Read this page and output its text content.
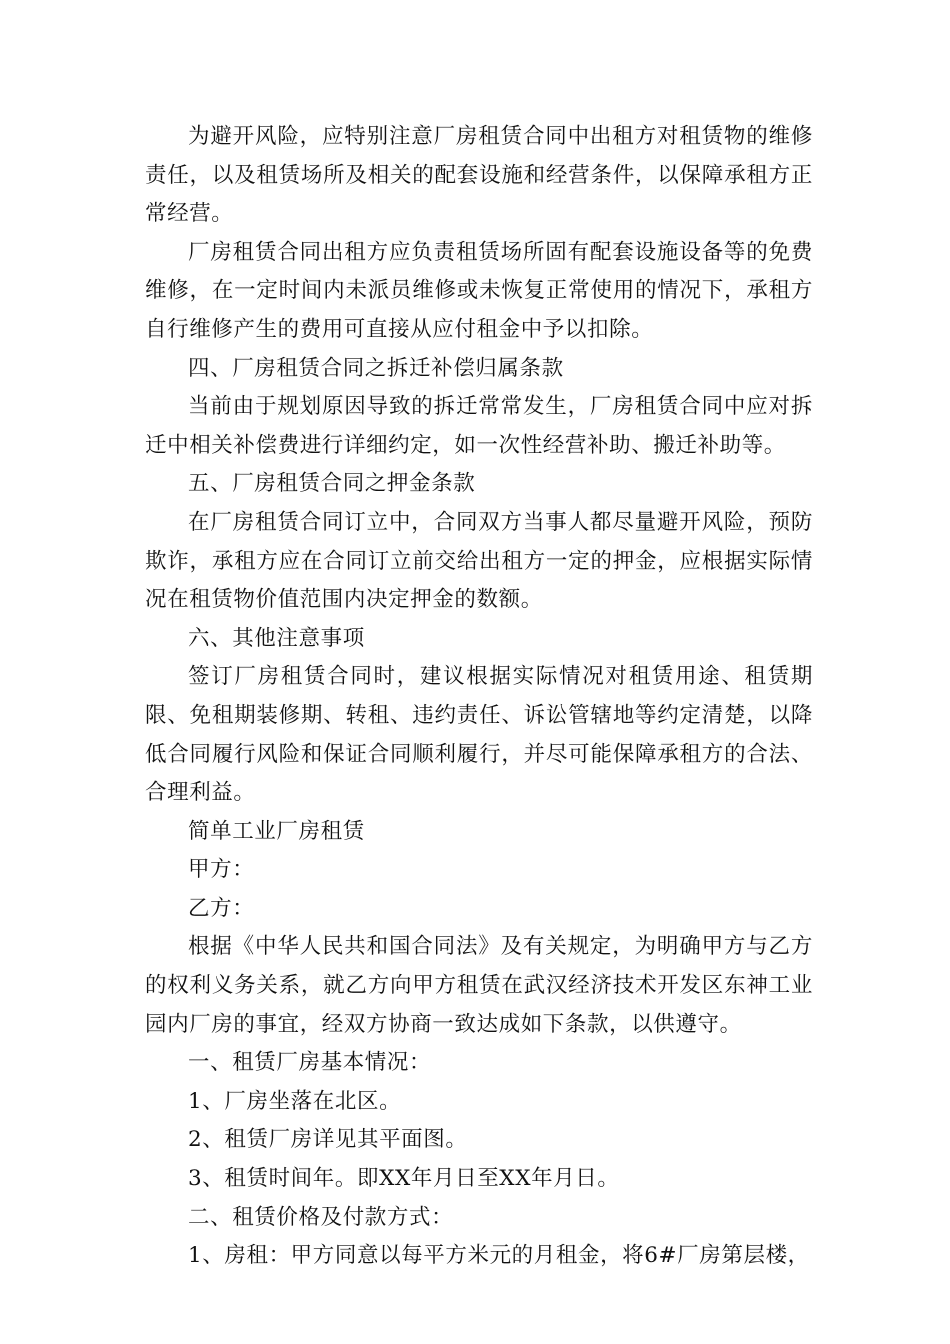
为避开风险，应特别注意厂房租赁合同中出租方对租赁物的维修责任，以及租赁场所及相关的配套设施和经营条件，以保障承租方正常经营。

厂房租赁合同出租方应负责租赁场所固有配套设施设备等的免费维修，在一定时间内未派员维修或未恢复正常使用的情况下，承租方自行维修产生的费用可直接从应付租金中予以扣除。

四、厂房租赁合同之拆迁补偿归属条款

当前由于规划原因导致的拆迁常常发生，厂房租赁合同中应对拆迁中相关补偿费进行详细约定，如一次性经营补助、搬迁补助等。

五、厂房租赁合同之押金条款

在厂房租赁合同订立中，合同双方当事人都尽量避开风险，预防欺诈，承租方应在合同订立前交给出租方一定的押金，应根据实际情况在租赁物价值范围内决定押金的数额。

六、其他注意事项

签订厂房租赁合同时，建议根据实际情况对租赁用途、租赁期限、免租期装修期、转租、违约责任、诉讼管辖地等约定清楚，以降低合同履行风险和保证合同顺利履行，并尽可能保障承租方的合法、合理利益。

简单工业厂房租赁

甲方：

乙方：

根据《中华人民共和国合同法》及有关规定，为明确甲方与乙方的权利义务关系，就乙方向甲方租赁在武汉经济技术开发区东神工业园内厂房的事宜，经双方协商一致达成如下条款，以供遵守。

一、租赁厂房基本情况：

1、厂房坐落在北区。

2、租赁厂房详见其平面图。

3、租赁时间年。即XX年月日至XX年月日。

二、租赁价格及付款方式：

1、房租：甲方同意以每平方米元的月租金，将6#厂房第层楼，
